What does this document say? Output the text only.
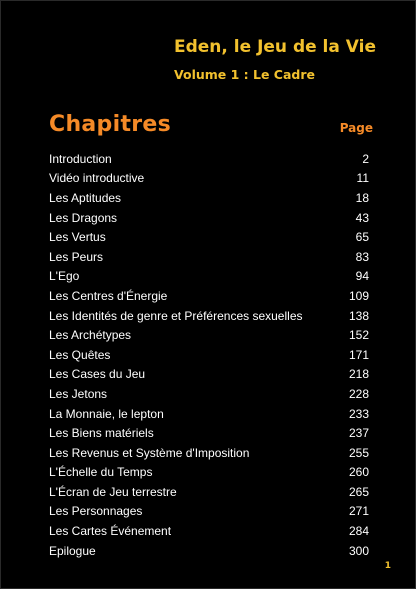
Eden, le Jeu de la Vie
Volume 1 : Le Cadre
Chapitres	Page
Introduction	2
Vidéo introductive	11
Les Aptitudes	18
Les Dragons	43
Les Vertus	65
Les Peurs	83
L'Ego	94
Les Centres d'Énergie	109
Les Identités de genre et Préférences sexuelles	138
Les Archétypes	152
Les Quêtes	171
Les Cases du Jeu	218
Les Jetons	228
La Monnaie, le lepton	233
Les Biens matériels	237
Les Revenus et Système d'Imposition	255
L'Échelle du Temps	260
L'Écran de Jeu terrestre	265
Les Personnages	271
Les Cartes Événement	284
Epilogue	300
1
